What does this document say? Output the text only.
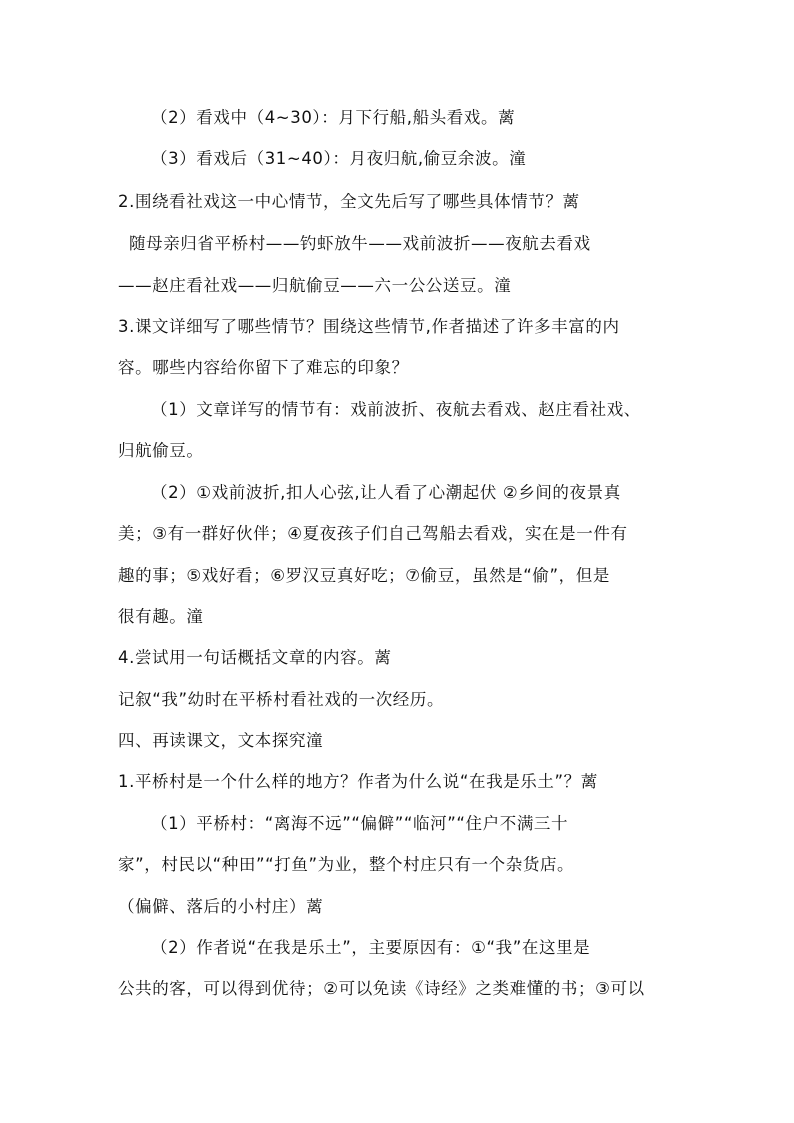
（2）看戏中（4~30）：月下行船,船头看戏。蓠
（3）看戏后（31~40）：月夜归航,偷豆余波。潼
2.围绕看社戏这一中心情节，全文先后写了哪些具体情节？蓠
随母亲归省平桥村——钓虾放牛——戏前波折——夜航去看戏
——赵庄看社戏——归航偷豆——六一公公送豆。潼
3.课文详细写了哪些情节？围绕这些情节,作者描述了许多丰富的内
容。哪些内容给你留下了难忘的印象？
（1）文章详写的情节有：戏前波折、夜航去看戏、赵庄看社戏、
归航偷豆。
（2）①戏前波折,扣人心弦,让人看了心潮起伏 ②乡间的夜景真
美；③有一群好伙伴；④夏夜孩子们自己驾船去看戏，实在是一件有
趣的事；⑤戏好看；⑥罗汉豆真好吃；⑦偷豆，虽然是“偷”，但是
很有趣。潼
4.尝试用一句话概括文章的内容。蓠
记叙“我”幼时在平桥村看社戏的一次经历。
四、再读课文，文本探究潼
1.平桥村是一个什么样的地方？作者为什么说“在我是乐土”？蓠
（1）平桥村：“离海不远”“偏僻”“临河”“住户不满三十
家”，村民以“种田”“打鱼”为业，整个村庄只有一个杂货店。
（偏僻、落后的小村庄）蓠
（2）作者说“在我是乐土”，主要原因有：①“我”在这里是
公共的客，可以得到优待；②可以免读《诗经》之类难懂的书；③可以
